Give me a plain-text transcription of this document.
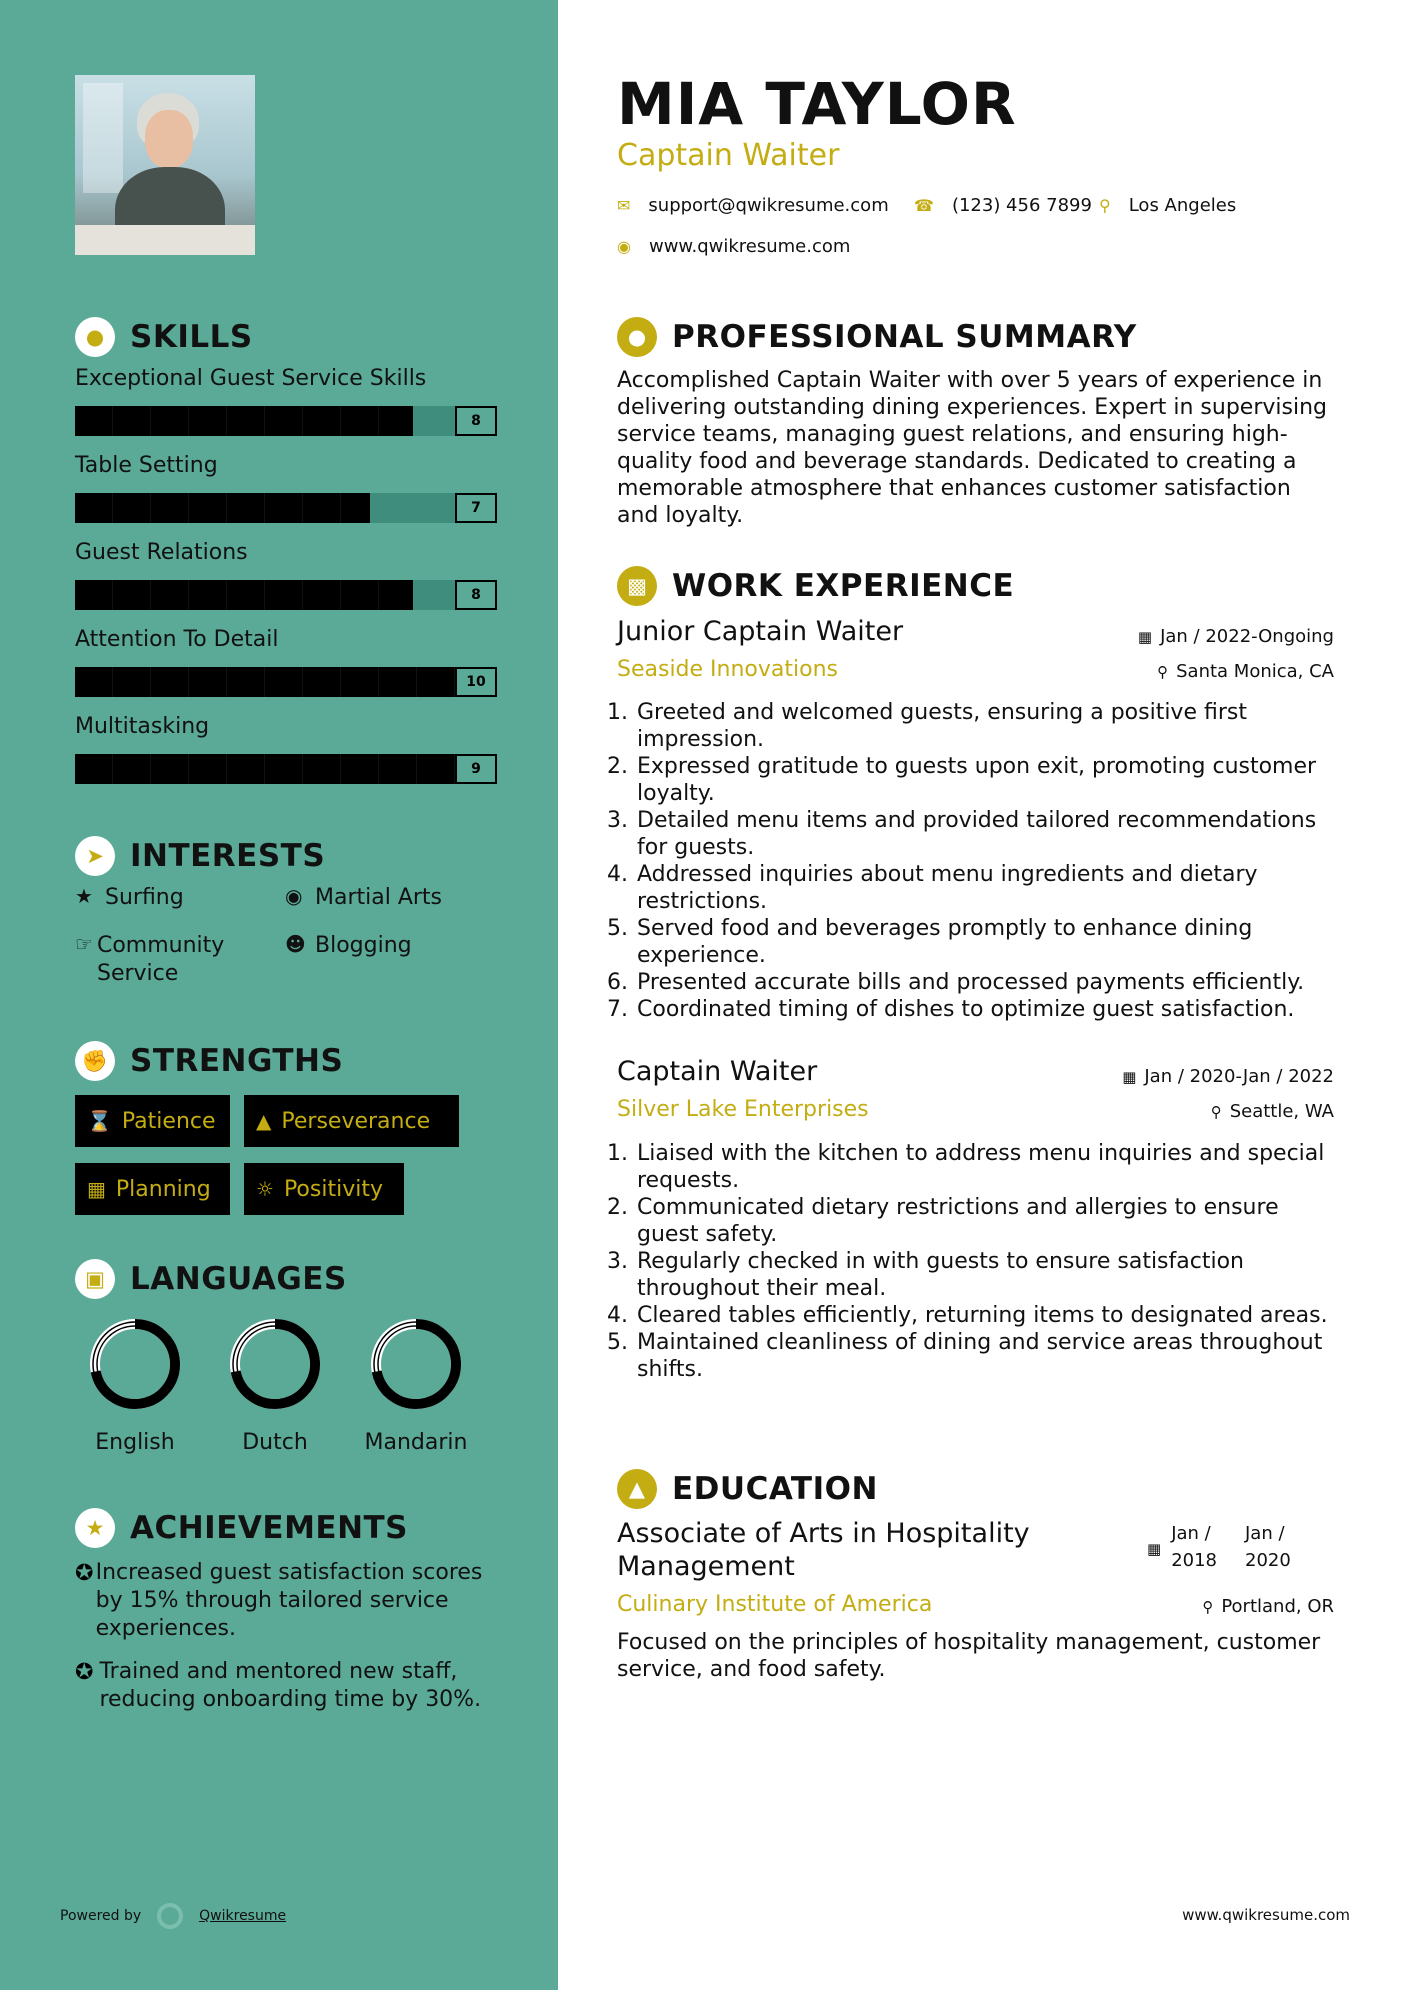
● SKILLS
Exceptional Guest Service Skills
8
Table Setting
7
Guest Relations
8
Attention To Detail
10
Multitasking
9
➤ INTERESTS
★ Surfing	◉ Martial Arts
☞ Community Service
☻ Blogging
✊ STRENGTHS
⌛ Patience ▲ Perseverance
▦ Planning ☼ Positivity
▣ LANGUAGES
English	Dutch	Mandarin
★ ACHIEVEMENTS
✪ Increased guest satisfaction scores by 15% through tailored service experiences.
✪ Trained and mentored new staff, reducing onboarding time by 30%.
Powered by	Qwikresume
MIA TAYLOR
Captain Waiter
✉ support@qwikresume.com ☎ (123) 456 7899 ⚲ Los Angeles
◉ www.qwikresume.com
● PROFESSIONAL SUMMARY
Accomplished Captain Waiter with over 5 years of experience in delivering outstanding dining experiences. Expert in supervising service teams, managing guest relations, and ensuring high-quality food and beverage standards. Dedicated to creating a memorable atmosphere that enhances customer satisfaction and loyalty.
▩ WORK EXPERIENCE
Junior Captain Waiter	▦ Jan / 2022-Ongoing
Seaside Innovations	⚲ Santa Monica, CA
1. Greeted and welcomed guests, ensuring a positive first impression.
2. Expressed gratitude to guests upon exit, promoting customer loyalty.
3. Detailed menu items and provided tailored recommendations for guests.
4. Addressed inquiries about menu ingredients and dietary restrictions.
5. Served food and beverages promptly to enhance dining experience.
6. Presented accurate bills and processed payments efficiently.
7. Coordinated timing of dishes to optimize guest satisfaction.
Captain Waiter	▦ Jan / 2020-Jan / 2022
Silver Lake Enterprises	⚲ Seattle, WA
1. Liaised with the kitchen to address menu inquiries and special requests.
2. Communicated dietary restrictions and allergies to ensure guest safety.
3. Regularly checked in with guests to ensure satisfaction throughout their meal.
4. Cleared tables efficiently, returning items to designated areas.
5. Maintained cleanliness of dining and service areas throughout shifts.
▲ EDUCATION
Associate of Arts in Hospitality Management
▦
Jan /
2018
Jan /
2020
Culinary Institute of America	⚲ Portland, OR
Focused on the principles of hospitality management, customer service, and food safety.
www.qwikresume.com
